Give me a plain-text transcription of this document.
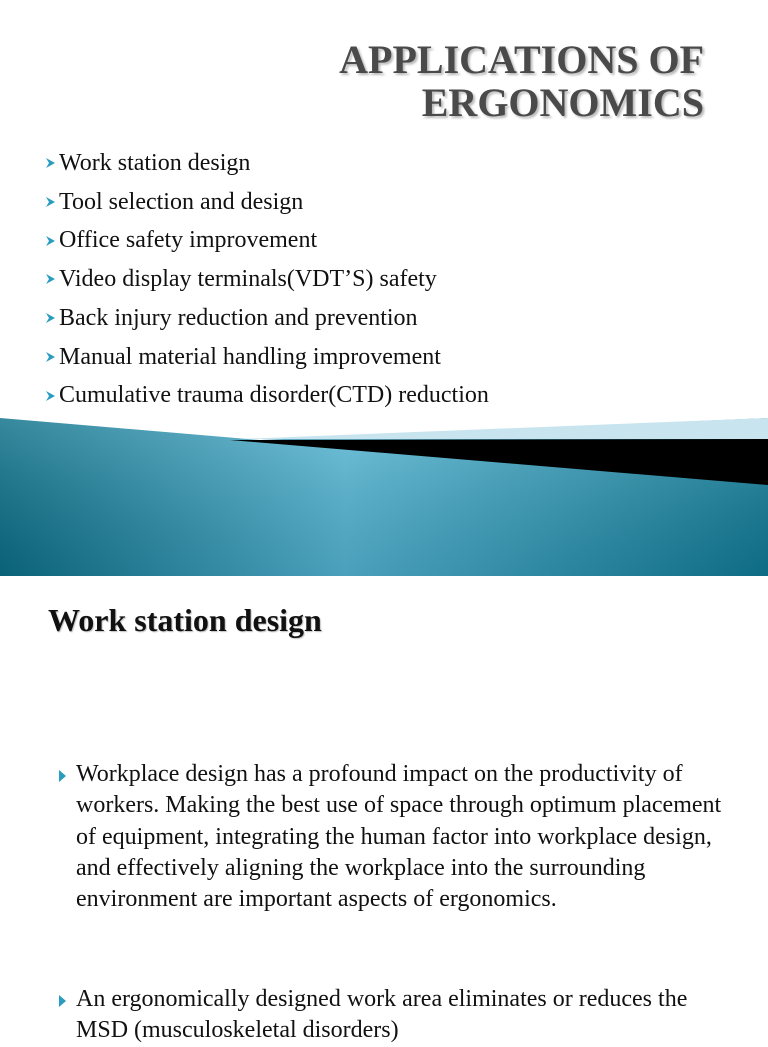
APPLICATIONS OF
ERGONOMICS
Work station design
Tool selection and design
Office safety improvement
Video display terminals(VDT’S) safety
Back injury reduction and prevention
Manual material handling improvement
Cumulative trauma disorder(CTD) reduction
Work station design

Workplace design has a profound impact on the productivity of workers. Making the best use of space through optimum placement of equipment, integrating the human factor into workplace design, and effectively aligning the workplace into the surrounding environment are important aspects of ergonomics.

An ergonomically designed work area eliminates or reduces the MSD (musculoskeletal disorders)
